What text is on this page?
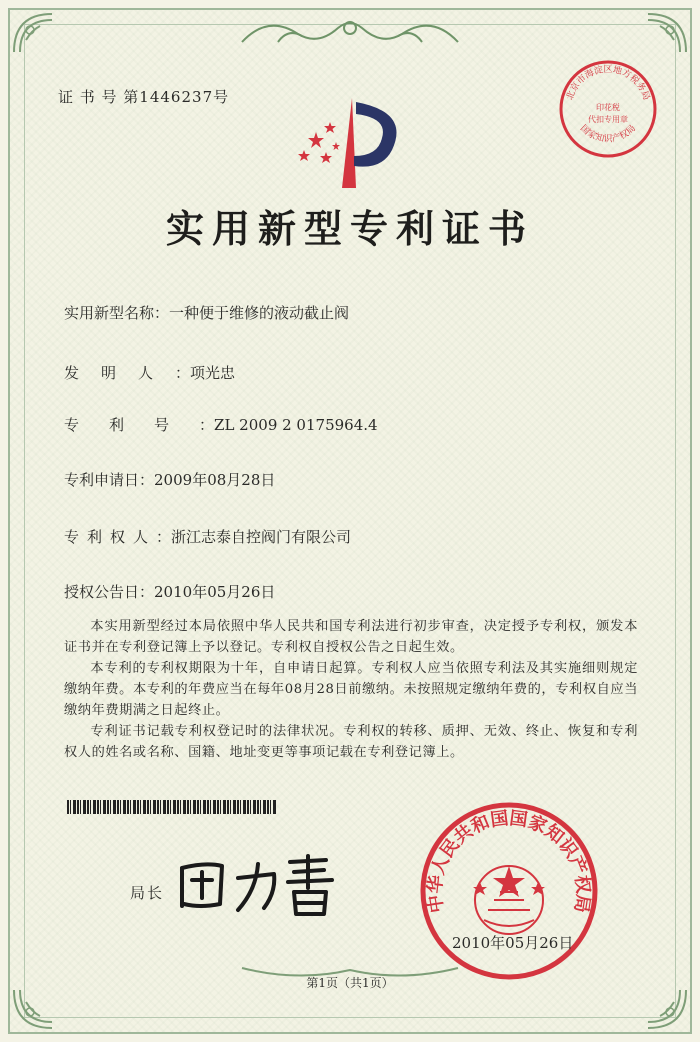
证 书 号 第1446237号	北京市海淀区地方税务局
国家知识产权局
印花税
代扣专用章
实用新型专利证书
实用新型名称：一种便于维修的液动截止阀
发明人：项光忠
专利号：ZL 2009 2 0175964.4
专利申请日：2009年08月28日
专利权人：浙江志泰自控阀门有限公司
授权公告日：2010年05月26日

本实用新型经过本局依照中华人民共和国专利法进行初步审查，决定授予专利权，颁发本证书并在专利登记簿上予以登记。专利权自授权公告之日起生效。

本专利的专利权期限为十年，自申请日起算。专利权人应当依照专利法及其实施细则规定缴纳年费。本专利的年费应当在每年08月28日前缴纳。未按照规定缴纳年费的，专利权自应当缴纳年费期满之日起终止。

专利证书记载专利权登记时的法律状况。专利权的转移、质押、无效、终止、恢复和专利权人的姓名或名称、国籍、地址变更等事项记载在专利登记簿上。

局长
中华人民共和国国家知识产权局
2010年05月26日
第1页（共1页）
